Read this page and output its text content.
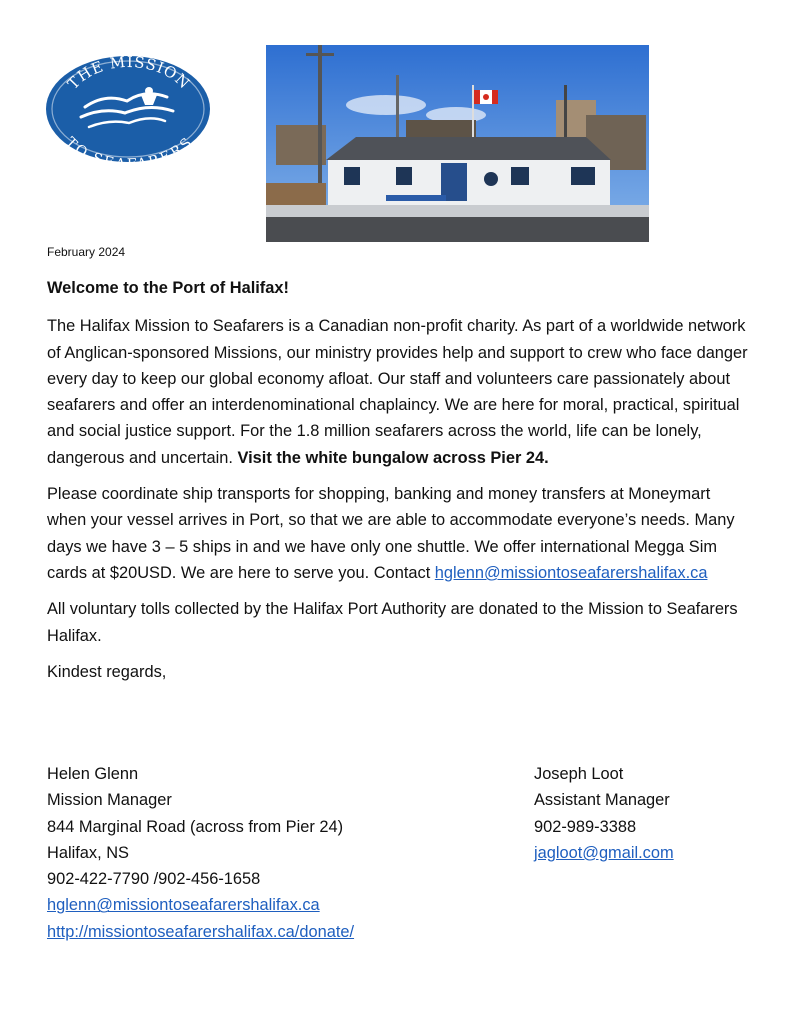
THE MISSION
TO SE RERS
February 2024
Welcome to the Port of Halifax!

The Halifax Mission to Seafarers is a Canadian non-profit charity. As part of a worldwide network of Anglican-sponsored Missions, our ministry provides help and support to crew who face danger every day to keep our global economy afloat. Our staff and volunteers care passionately about seafarers and offer an interdenominational chaplaincy. We are here for moral, practical, spiritual and social justice support. For the 1.8 million seafarers across the world, life can be lonely, dangerous and uncertain. Visit the white bungalow across Pier 24.

Please coordinate ship transports for shopping, banking and money transfers at Moneymart when your vessel arrives in Port, so that we are able to accommodate everyone’s needs. Many days we have 3 – 5 ships in and we have only one shuttle. We offer international Megga Sim cards at $20USD. We are here to serve you. Contact hglenn@missiontoseafarershalifax.ca

All voluntary tolls collected by the Halifax Port Authority are donated to the Mission to Seafarers Halifax.

Kindest regards,

Helen Glenn
Mission Manager
844 Marginal Road (across from Pier 24)
Halifax, NS
902-422-7790 /902-456-1658
hglenn@missiontoseafarershalifax.ca
http://missiontoseafarershalifax.ca/donate/
Joseph Loot
Assistant Manager
902-989-3388
jagloot@gmail.com
